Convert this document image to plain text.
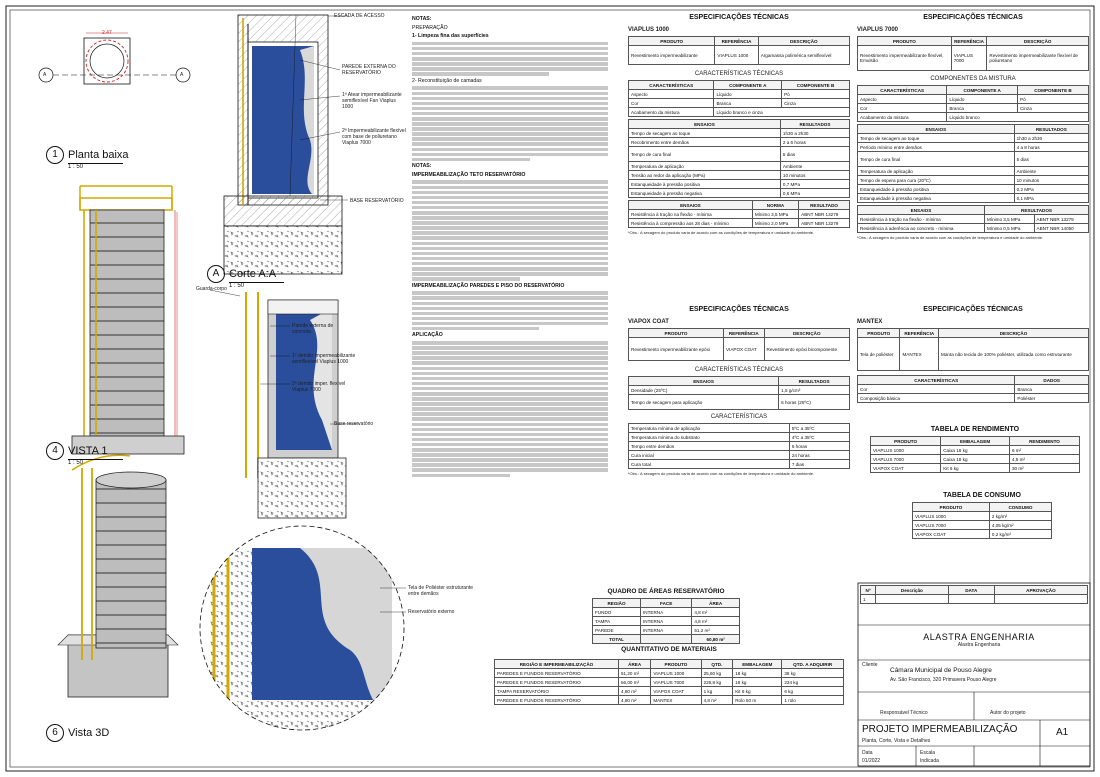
1 Planta baixa
1 : 50
A Corte A:A
1 : 50
4 VISTA 1
1 : 50
6 Vista 3D
2.47
A	A
ESCADA DE ACESSO
PAREDE EXTERNA DO RESERVATÓRIO
1ª Atear impermeabilizante semiflexível Fan Viaplus 1000
2ª Impermeabilizante flexível com base de poliuretano Viaplus 7000
BASE RESERVATÓRIO
Guarda-corpo
Parede externa de concreto
1ª demão impermeabilizante semiflexível Viaplus 1000
2ª demão imper. flexível Viaplus 7000
Base reservatório
Tela de Poliéster estruturante entre demãos
Reservatório externo
NOTAS:
PREPARAÇÃO
1- Limpeza fina das superfícies
2- Reconstituição de camadas
NOTAS:
IMPERMEABILIZAÇÃO TETO RESERVATÓRIO
IMPERMEABILIZAÇÃO PAREDES E PISO DO RESERVATÓRIO
APLICAÇÃO
ESPECIFICAÇÕES TÉCNICAS

VIAPLUS 1000
PRODUTO	REFERÊNCIA	DESCRIÇÃO
Revestimento impermeabilizante	VIAPLUS 1000	Argamassa polimérica semiflexível
CARACTERÍSTICAS TÉCNICAS
CARACTERÍSTICAS	COMPONENTE A	COMPONENTE B
Aspecto	Líquido	Pó
Cor	Branca	Cinza
Acabamento da mistura	Líquido branco e cinza	
ENSAIOS	RESULTADOS
Tempo de secagem ao toque	1h30 a 2h30
Recobrimento entre demãos	2 a 6 horas
Tempo de cura final	5 dias
Temperatura de aplicação	Ambiente
Tensão ao redor da aplicação (MPa)	10 minutos
Estanqueidade à pressão positiva	0,7 MPa
Estanqueidade à pressão negativa	0,6 MPa
ENSAIOS	NORMA	RESULTADO
Resistência à tração na flexão - mínima	Mínimo 3,5 MPa	ABNT NBR 13279
Resistência à compressão aos 28 dias - mínimo	Mínimo 2,0 MPa	ABNT NBR 13279
*Obs.: A secagem do produto varia de acordo com as condições de temperatura e umidade do ambiente.
ESPECIFICAÇÕES TÉCNICAS

VIAPLUS 7000
PRODUTO	REFERÊNCIA	DESCRIÇÃO
Revestimento impermeabilizante flexível, Emulsão	VIAPLUS 7000	Revestimento impermeabilizante flexível de poliuretano
COMPONENTES DA MISTURA
CARACTERÍSTICAS	COMPONENTE A	COMPONENTE B
Aspecto	Líquido	Pó
Cor	Branca	Cinza
Acabamento da mistura	Líquido branco	
ENSAIOS	RESULTADOS
Tempo de secagem ao toque	1h30 a 2h30
Período mínimo entre demãos	4 a 8 horas
Tempo de cura final	5 dias
Temperatura de aplicação	Ambiente
Tempo de espera para cura (20ºC)	10 minutos
Estanqueidade à pressão positiva	0,2 MPa
Estanqueidade à pressão negativa	0,1 MPa
ENSAIOS	RESULTADOS	
Resistência à tração na flexão - mínima	Mínimo 3,5 MPa	ABNT NBR 13279
Resistência à aderência ao concreto - mínima	Mínimo 0,5 MPa	ABNT NBR 14050
*Obs.: A secagem do produto varia de acordo com as condições de temperatura e umidade do ambiente.
ESPECIFICAÇÕES TÉCNICAS

VIAPOX COAT
PRODUTO	REFERÊNCIA	DESCRIÇÃO
Revestimento impermeabilizante epóxi	VIAPOX COAT	Revestimento epóxi bicomponente
CARACTERÍSTICAS TÉCNICAS
ENSAIOS	RESULTADOS
Densidade (25ºC)	1,5 g/cm³
Tempo de secagem para aplicação	6 horas (25ºC)
CARACTERÍSTICAS
Temperatura mínima de aplicação	5ºC a 35ºC
Temperatura mínima do substrato	4ºC a 35ºC
Tempo entre demãos	6 horas
Cura inicial	24 horas
Cura total	7 dias
*Obs.: A secagem do produto varia de acordo com as condições de temperatura e umidade do ambiente.
ESPECIFICAÇÕES TÉCNICAS

MANTEX
PRODUTO	REFERÊNCIA	DESCRIÇÃO
Tela de poliéster	MANTEX	Manta não tecida de 100% poliéster, utilizada como estruturante
CARACTERÍSTICAS	DADOS
Cor	Branca
Composição básica	Poliéster
TABELA DE RENDIMENTO
PRODUTO	EMBALAGEM	RENDIMENTO
VIAPLUS 1000	Caixa 18 kg	6 m²
VIAPLUS 7000	Caixa 18 kg	4,5 m²
VIAPOX COAT	Kit 6 kg	30 m²
TABELA DE CONSUMO
PRODUTO	CONSUMO
VIAPLUS 1000	2 kg/m²
VIAPLUS 7000	4,05 kg/m²
VIAPOX COAT	0,2 kg/m²
QUADRO DE ÁREAS RESERVATÓRIO
REGIÃO	FACE	ÁREA
FUNDO	INTERNA	4,8 m²
TAMPA	INTERNA	4,8 m²
PAREDE	INTERNA	51,2 m²
TOTAL		60,80 m²
QUANTITATIVO DE MATERIAIS
REGIÃO E IMPERMEABILIZAÇÃO	ÁREA	PRODUTO	QTD.	EMBALAGEM	QTD. A ADQUIRIR
PAREDES E FUNDOS RESERVATÓRIO	51,20 m²	VIAPLUS 1000	25,60 kg	18 kg	36 kg
PAREDES E FUNDOS RESERVATÓRIO	56,00 m²	VIAPLUS 7000	226,8 kg	18 kg	234 kg
TAMPA RESERVATÓRIO	4,80 m²	VIAPOX COAT	1 kg	Kit 6 kg	6 kg
PAREDES E FUNDOS RESERVATÓRIO	4,80 m²	MANTEX	4,8 m²	Rolo 50 m	1 rolo
Nº	Descrição	DATA	APROVAÇÃO
1			
ALASTRA ENGENHARIA
Alastra Engenharia
Cliente
Câmara Municipal de Pouso Alegre
Av. São Francisco, 320 Primavera Pouso Alegre
Responsável Técnico	Autor do projeto
PROJETO IMPERMEABILIZAÇÃO	A1
Planta, Corte, Vista e Detalhes
Data
01/2022
Escala
Indicada
